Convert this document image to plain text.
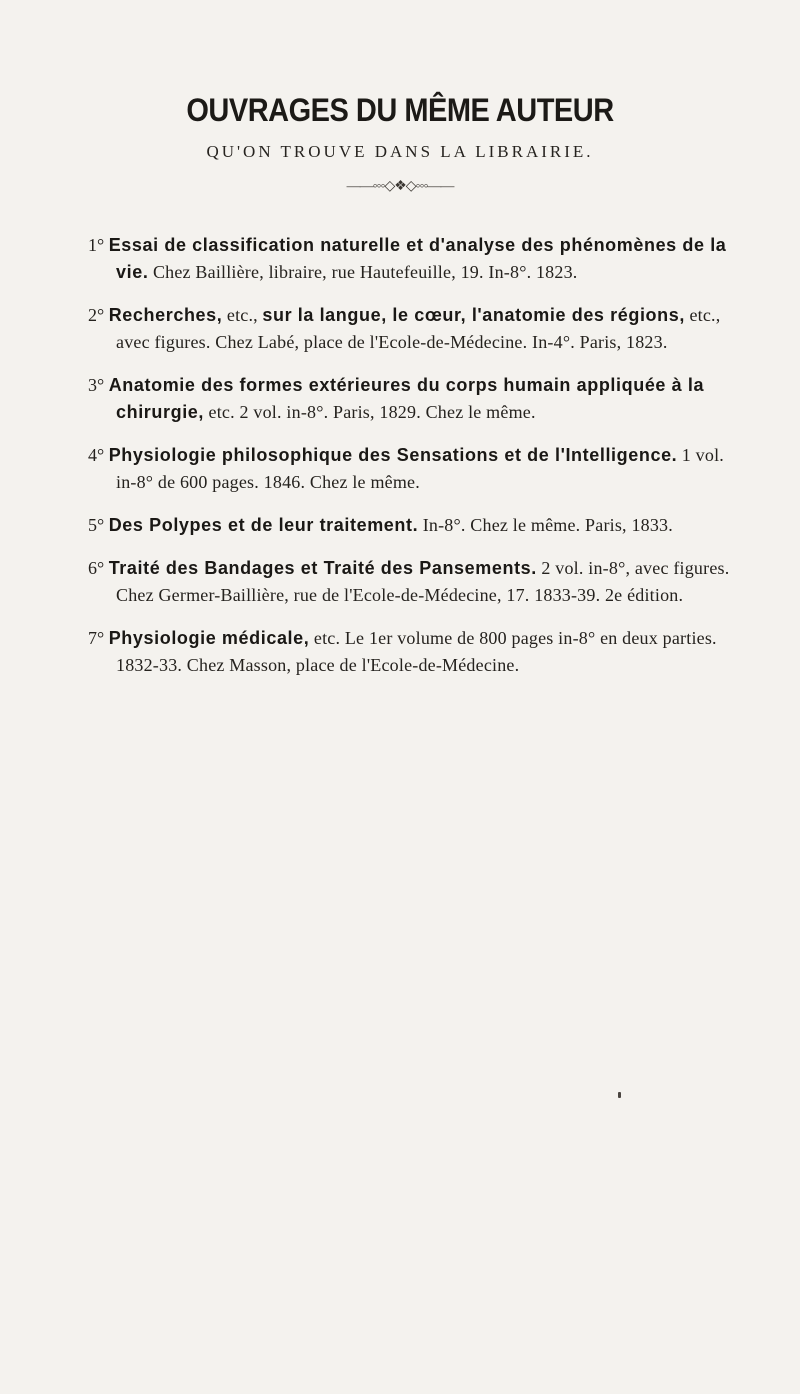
OUVRAGES DU MÊME AUTEUR
QU'ON TROUVE DANS LA LIBRAIRIE.
——◦◦◦◇❖◇◦◦◦——
1° Essai de classification naturelle et d'analyse des phénomènes de la vie. Chez Baillière, libraire, rue Hautefeuille, 19. In-8°. 1823.
2° Recherches, etc., sur la langue, le cœur, l'anatomie des régions, etc., avec figures. Chez Labé, place de l'Ecole-de-Médecine. In-4°. Paris, 1823.
3° Anatomie des formes extérieures du corps humain appliquée à la chirurgie, etc. 2 vol. in-8°. Paris, 1829. Chez le même.
4° Physiologie philosophique des Sensations et de l'Intelligence. 1 vol. in-8° de 600 pages. 1846. Chez le même.
5° Des Polypes et de leur traitement. In-8°. Chez le même. Paris, 1833.
6° Traité des Bandages et Traité des Pansements. 2 vol. in-8°, avec figures. Chez Germer-Baillière, rue de l'Ecole-de-Médecine, 17. 1833-39. 2e édition.
7° Physiologie médicale, etc. Le 1er volume de 800 pages in-8° en deux parties. 1832-33. Chez Masson, place de l'Ecole-de-Médecine.
